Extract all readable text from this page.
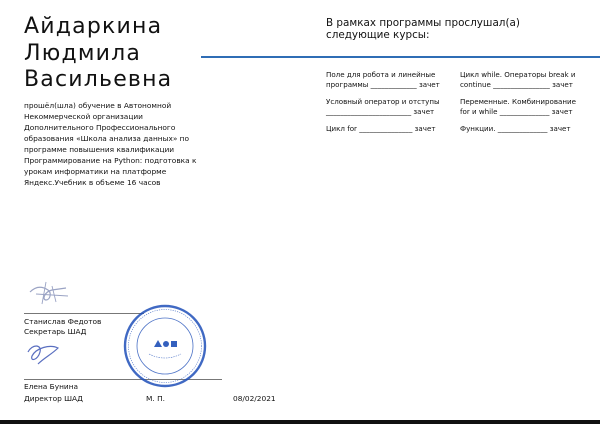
Айдаркина
Людмила
Васильевна
прошёл(шла) обучение в Автономной Некоммерческой организации Дополнительного Профессионального образования «Школа анализа данных» по программе повышения квалификации Программирование на Python: подготовка к урокам информатики на платформе Яндекс.Учебник в объеме 16 часов
В рамках программы прослушал(а) следующие курсы:
Поле для робота и линейные
программы _____________ зачет
Условный оператор и отступы
________________________ зачет
Цикл for _______________ зачет
Цикл while. Операторы break и
continue ________________ зачет
Переменные. Комбинирование
for и while ______________ зачет
Функции. ______________ зачет
Станислав Федотов
Секретарь ШАД
Елена Бунина
Директор ШАД	М. П.	08/02/2021
